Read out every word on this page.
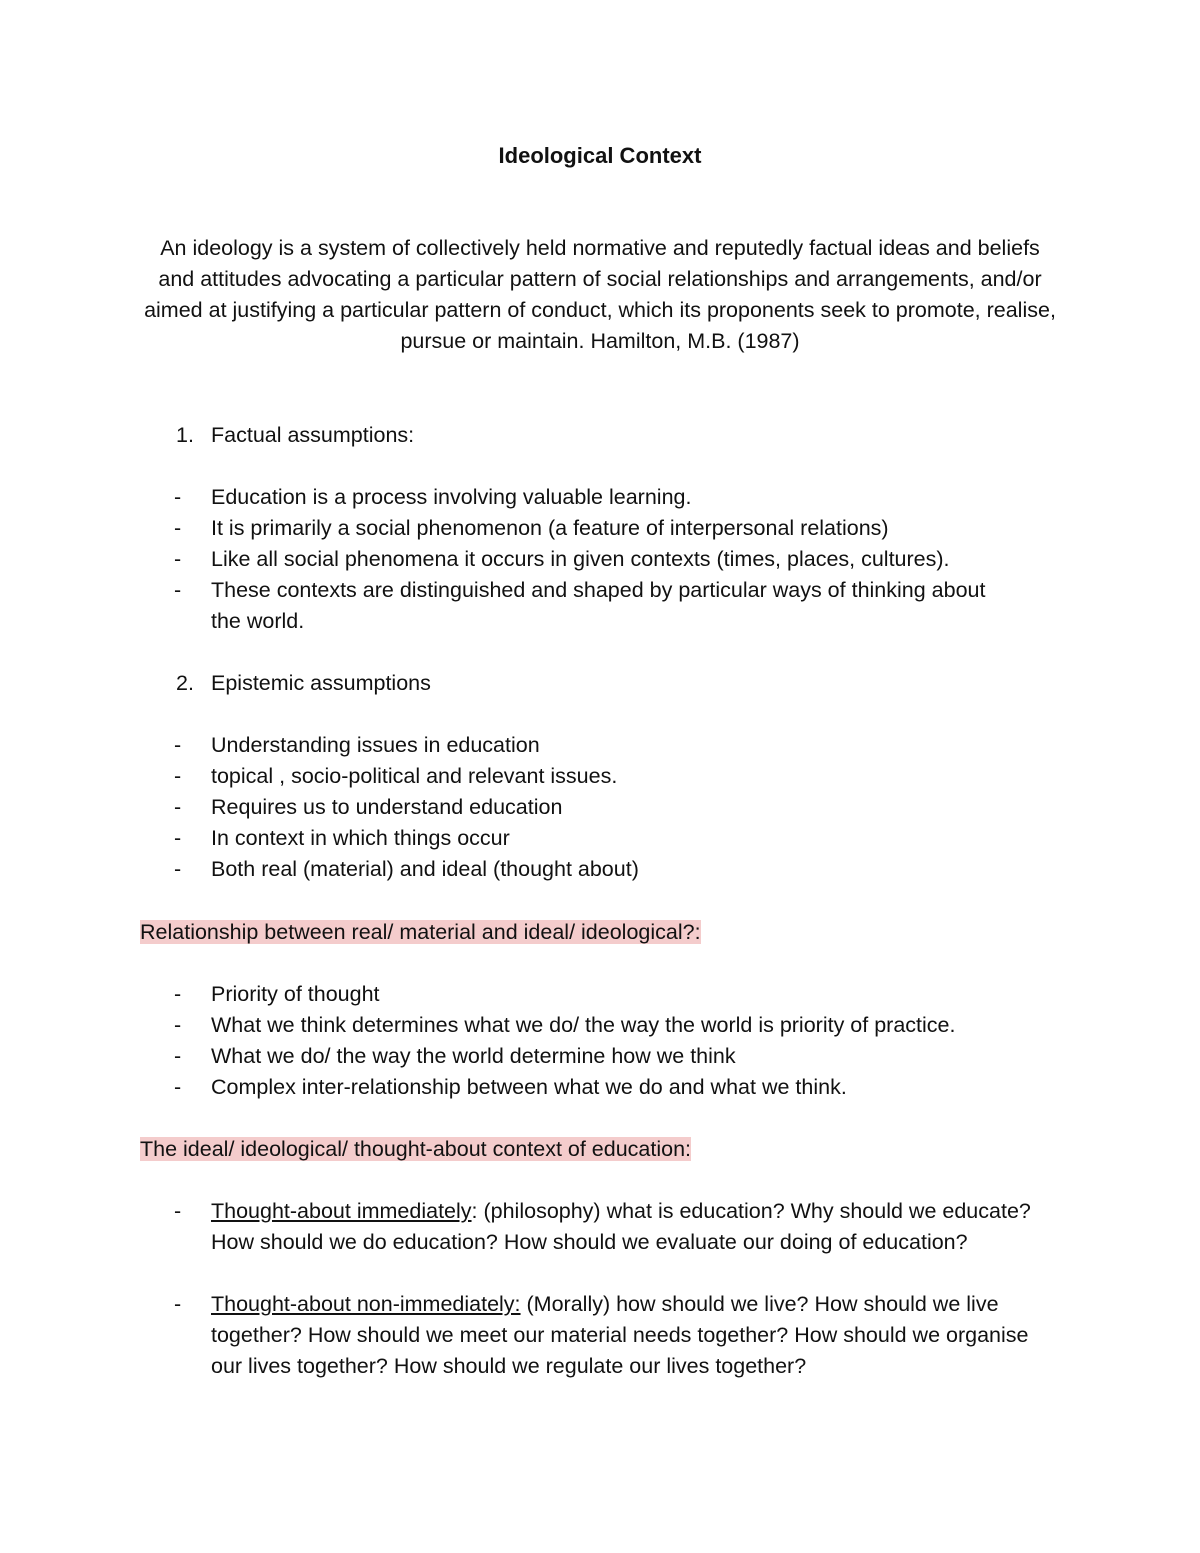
Ideological Context
An ideology is a system of collectively held normative and reputedly factual ideas and beliefs and attitudes advocating a particular pattern of social relationships and arrangements, and/or aimed at justifying a particular pattern of conduct, which its proponents seek to promote, realise, pursue or maintain. Hamilton, M.B. (1987)
1. Factual assumptions:
- Education is a process involving valuable learning.
- It is primarily a social phenomenon (a feature of interpersonal relations)
- Like all social phenomena it occurs in given contexts (times, places, cultures).
- These contexts are distinguished and shaped by particular ways of thinking about the world.
2. Epistemic assumptions
- Understanding issues in education
- topical , socio-political and relevant issues.
- Requires us to understand education
- In context in which things occur
- Both real (material) and ideal (thought about)
Relationship between real/ material and ideal/ ideological?:
- Priority of thought
- What we think determines what we do/ the way the world is priority of practice.
- What we do/ the way the world determine how we think
- Complex inter-relationship between what we do and what we think.
The ideal/ ideological/ thought-about context of education:
- Thought-about immediately: (philosophy) what is education? Why should we educate? How should we do education? How should we evaluate our doing of education?
- Thought-about non-immediately: (Morally) how should we live? How should we live together? How should we meet our material needs together? How should we organise our lives together? How should we regulate our lives together?
